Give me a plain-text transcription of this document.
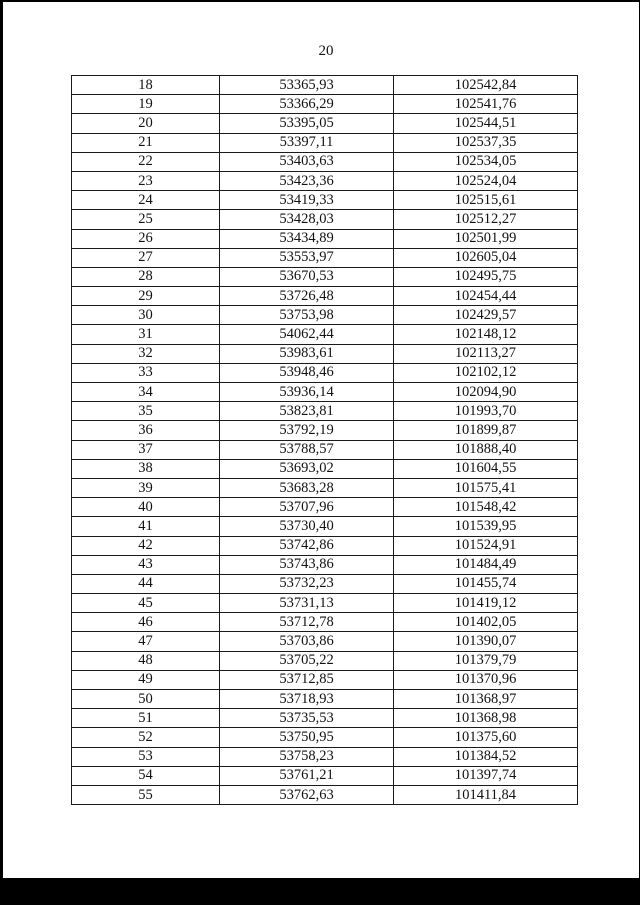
20
18	53365,93	102542,84
19	53366,29	102541,76
20	53395,05	102544,51
21	53397,11	102537,35
22	53403,63	102534,05
23	53423,36	102524,04
24	53419,33	102515,61
25	53428,03	102512,27
26	53434,89	102501,99
27	53553,97	102605,04
28	53670,53	102495,75
29	53726,48	102454,44
30	53753,98	102429,57
31	54062,44	102148,12
32	53983,61	102113,27
33	53948,46	102102,12
34	53936,14	102094,90
35	53823,81	101993,70
36	53792,19	101899,87
37	53788,57	101888,40
38	53693,02	101604,55
39	53683,28	101575,41
40	53707,96	101548,42
41	53730,40	101539,95
42	53742,86	101524,91
43	53743,86	101484,49
44	53732,23	101455,74
45	53731,13	101419,12
46	53712,78	101402,05
47	53703,86	101390,07
48	53705,22	101379,79
49	53712,85	101370,96
50	53718,93	101368,97
51	53735,53	101368,98
52	53750,95	101375,60
53	53758,23	101384,52
54	53761,21	101397,74
55	53762,63	101411,84
